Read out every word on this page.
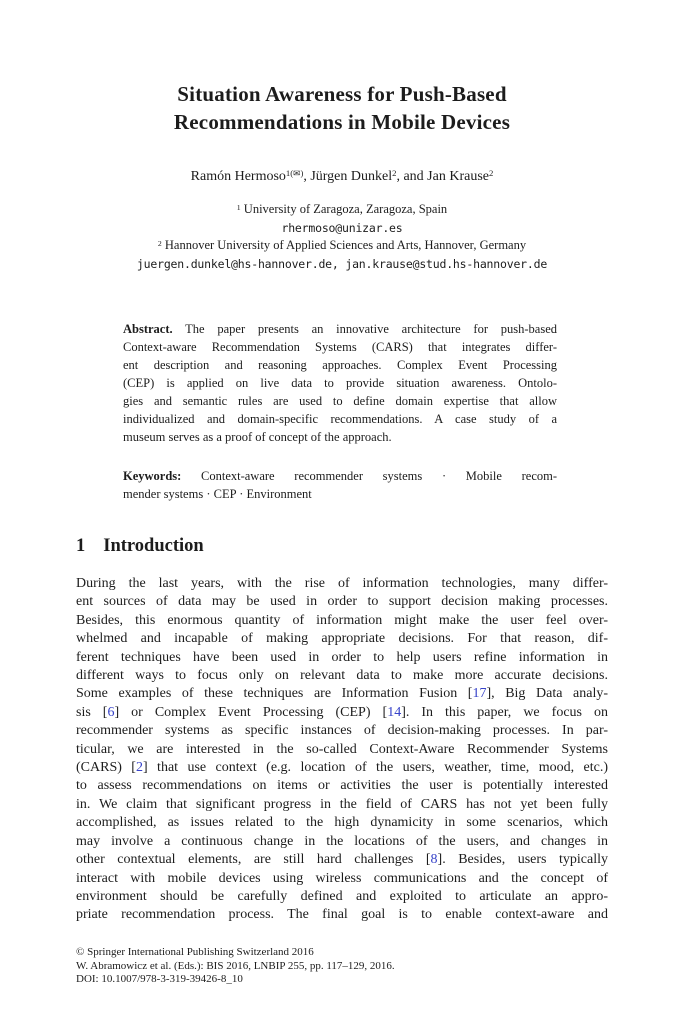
Situation Awareness for Push-Based
Recommendations in Mobile Devices
Ramón Hermoso$^{1(✉)}$, Jürgen Dunkel$^2$, and Jan Krause$^2$
$^1$ University of Zaragoza, Zaragoza, Spain
rhermoso@unizar.es
$^2$ Hannover University of Applied Sciences and Arts, Hannover, Germany
juergen.dunkel@hs-hannover.de, jan.krause@stud.hs-hannover.de
Abstract. The paper presents an innovative architecture for push-based
Context-aware Recommendation Systems (CARS) that integrates differ-
ent description and reasoning approaches. Complex Event Processing
(CEP) is applied on live data to provide situation awareness. Ontolo-
gies and semantic rules are used to define domain expertise that allow
individualized and domain-specific recommendations. A case study of a
museum serves as a proof of concept of the approach.
Keywords: Context-aware recommender systems · Mobile recom-
mender systems · CEP · Environment
1 Introduction
During the last years, with the rise of information technologies, many differ-
ent sources of data may be used in order to support decision making processes.
Besides, this enormous quantity of information might make the user feel over-
whelmed and incapable of making appropriate decisions. For that reason, dif-
ferent techniques have been used in order to help users refine information in
different ways to focus only on relevant data to make more accurate decisions.
Some examples of these techniques are Information Fusion [17], Big Data analy-
sis [6] or Complex Event Processing (CEP) [14]. In this paper, we focus on
recommender systems as specific instances of decision-making processes. In par-
ticular, we are interested in the so-called Context-Aware Recommender Systems
(CARS) [2] that use context (e.g. location of the users, weather, time, mood, etc.)
to assess recommendations on items or activities the user is potentially interested
in. We claim that significant progress in the field of CARS has not yet been fully
accomplished, as issues related to the high dynamicity in some scenarios, which
may involve a continuous change in the locations of the users, and changes in
other contextual elements, are still hard challenges [8]. Besides, users typically
interact with mobile devices using wireless communications and the concept of
environment should be carefully defined and exploited to articulate an appro-
priate recommendation process. The final goal is to enable context-aware and
© Springer International Publishing Switzerland 2016
W. Abramowicz et al. (Eds.): BIS 2016, LNBIP 255, pp. 117–129, 2016.
DOI: 10.1007/978-3-319-39426-8_10
